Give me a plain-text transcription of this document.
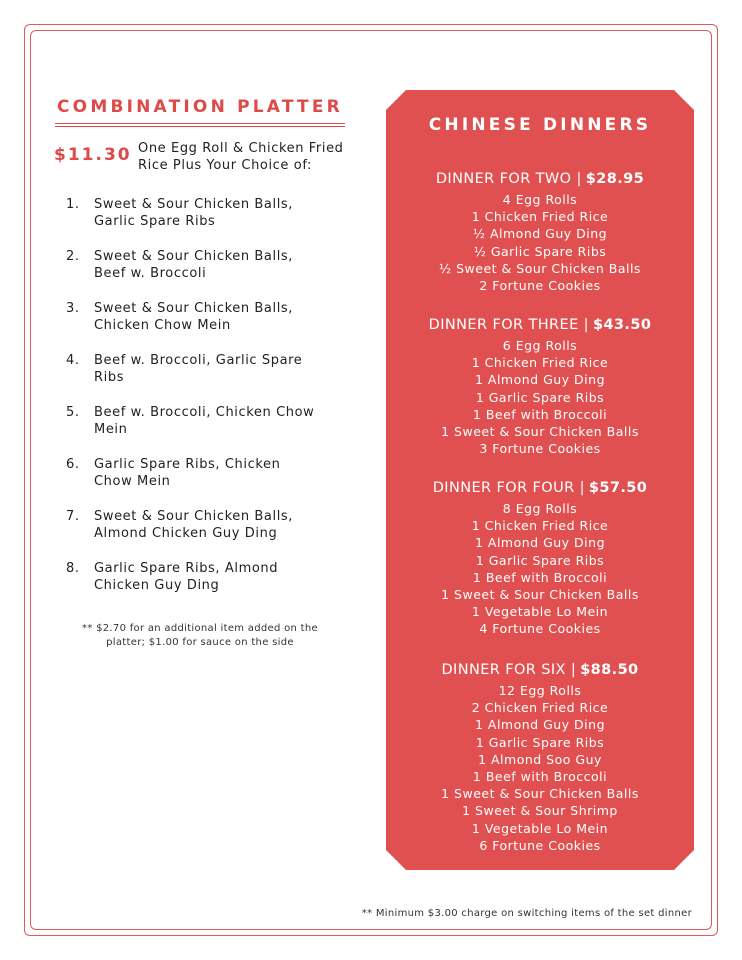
COMBINATION PLATTER
$11.30 One Egg Roll & Chicken Fried Rice Plus Your Choice of:
1. Sweet & Sour Chicken Balls, Garlic Spare Ribs
2. Sweet & Sour Chicken Balls, Beef w. Broccoli
3. Sweet & Sour Chicken Balls, Chicken Chow Mein
4. Beef w. Broccoli, Garlic Spare Ribs
5. Beef w. Broccoli, Chicken Chow Mein
6. Garlic Spare Ribs, Chicken Chow Mein
7. Sweet & Sour Chicken Balls, Almond Chicken Guy Ding
8. Garlic Spare Ribs, Almond Chicken Guy Ding
** $2.70 for an additional item added on the platter; $1.00 for sauce on the side
CHINESE DINNERS
DINNER FOR TWO | $28.95
4 Egg Rolls
1 Chicken Fried Rice
½ Almond Guy Ding
½ Garlic Spare Ribs
½ Sweet & Sour Chicken Balls
2 Fortune Cookies
DINNER FOR THREE | $43.50
6 Egg Rolls
1 Chicken Fried Rice
1 Almond Guy Ding
1 Garlic Spare Ribs
1 Beef with Broccoli
1 Sweet & Sour Chicken Balls
3 Fortune Cookies
DINNER FOR FOUR | $57.50
8 Egg Rolls
1 Chicken Fried Rice
1 Almond Guy Ding
1 Garlic Spare Ribs
1 Beef with Broccoli
1 Sweet & Sour Chicken Balls
1 Vegetable Lo Mein
4 Fortune Cookies
DINNER FOR SIX | $88.50
12 Egg Rolls
2 Chicken Fried Rice
1 Almond Guy Ding
1 Garlic Spare Ribs
1 Almond Soo Guy
1 Beef with Broccoli
1 Sweet & Sour Chicken Balls
1 Sweet & Sour Shrimp
1 Vegetable Lo Mein
6 Fortune Cookies
** Minimum $3.00 charge on switching items of the set dinner
